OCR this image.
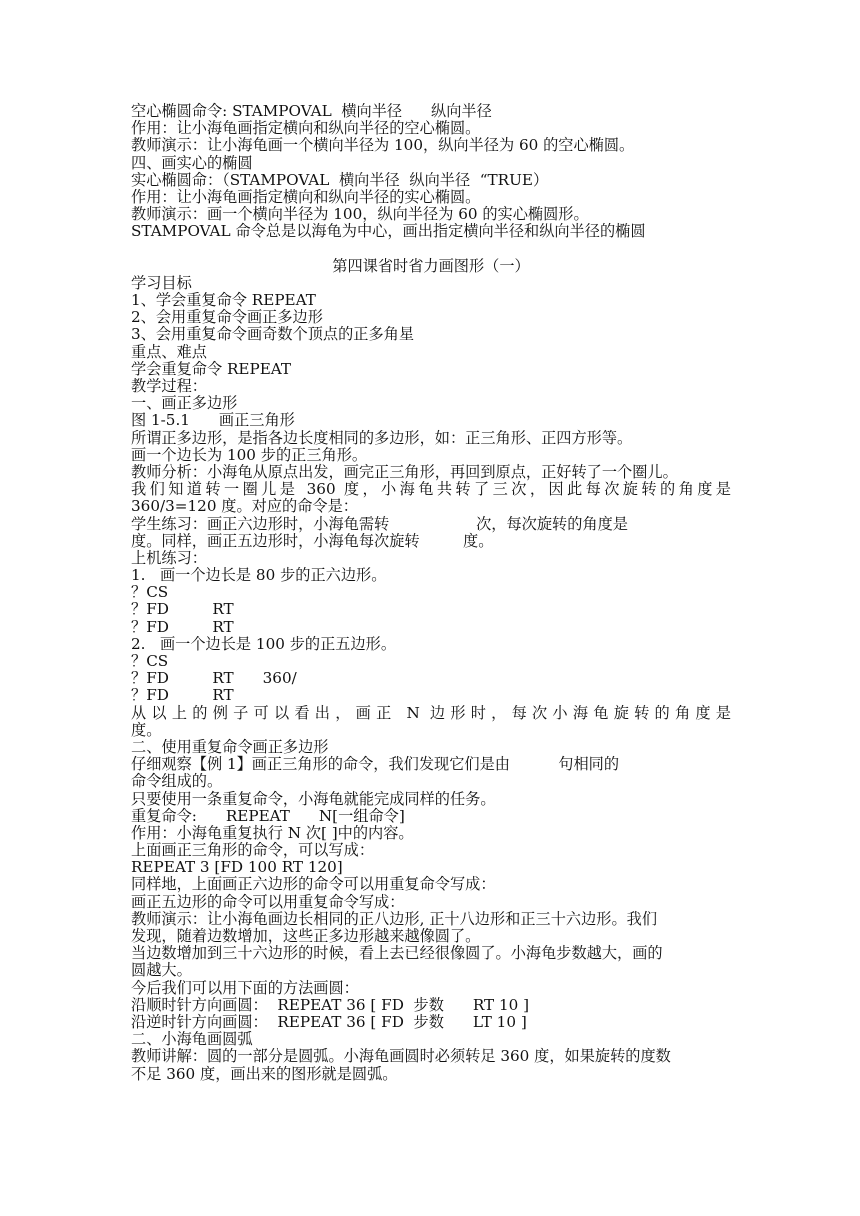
空心椭圆命令: STAMPOVAL  横向半径      纵向半径
作用：让小海龟画指定横向和纵向半径的空心椭圆。
教师演示：让小海龟画一个横向半径为 100，纵向半径为 60 的空心椭圆。
四、画实心的椭圆
实心椭圆命：（STAMPOVAL  横向半径  纵向半径  “TRUE）
作用：让小海龟画指定横向和纵向半径的实心椭圆。
教师演示：画一个横向半径为 100，纵向半径为 60 的实心椭圆形。
STAMPOVAL 命令总是以海龟为中心，画出指定横向半径和纵向半径的椭圆
第四课省时省力画图形（一）
学习目标
1、学会重复命令 REPEAT
2、会用重复命令画正多边形
3、会用重复命令画奇数个顶点的正多角星
重点、难点
学会重复命令 REPEAT
教学过程：
一、画正多边形
图 1-5.1      画正三角形
所谓正多边形，是指各边长度相同的多边形，如：正三角形、正四方形等。
画一个边长为 100 步的正三角形。
教师分析：小海龟从原点出发，画完正三角形，再回到原点，正好转了一个圈儿。
我们知道转一圈儿是 360 度，小海龟共转了三次，因此每次旋转的角度是
360/3=120 度。对应的命令是：
学生练习：画正六边形时，小海龟需转                  次，每次旋转的角度是
度。同样，画正五边形时，小海龟每次旋转         度。
上机练习：
1.   画一个边长是 80 步的正六边形。
？CS
？FD         RT
？FD         RT
2.   画一个边长是 100 步的正五边形。
？CS
？FD         RT      360/
？FD         RT
从以上的例子可以看出，画正 N 边形时，每次小海龟旋转的角度是
度。
二、使用重复命令画正多边形
仔细观察【例 1】画正三角形的命令，我们发现它们是由          句相同的
命令组成的。
只要使用一条重复命令，小海龟就能完成同样的任务。
重复命令:      REPEAT      N[一组命令]
作用：小海龟重复执行 N 次[ ]中的内容。
上面画正三角形的命令，可以写成：
REPEAT 3 [FD 100 RT 120]
同样地，上面画正六边形的命令可以用重复命令写成：
画正五边形的命令可以用重复命令写成：
教师演示：让小海龟画边长相同的正八边形, 正十八边形和正三十六边形。我们
发现，随着边数增加，这些正多边形越来越像圆了。
当边数增加到三十六边形的时候，看上去已经很像圆了。小海龟步数越大，画的
圆越大。
今后我们可以用下面的方法画圆：
沿顺时针方向画圆：  REPEAT 36 [ FD  步数      RT 10 ]
沿逆时针方向画圆：  REPEAT 36 [ FD  步数      LT 10 ]
二、小海龟画圆弧
教师讲解：圆的一部分是圆弧。小海龟画圆时必须转足 360 度，如果旋转的度数
不足 360 度，画出来的图形就是圆弧。
